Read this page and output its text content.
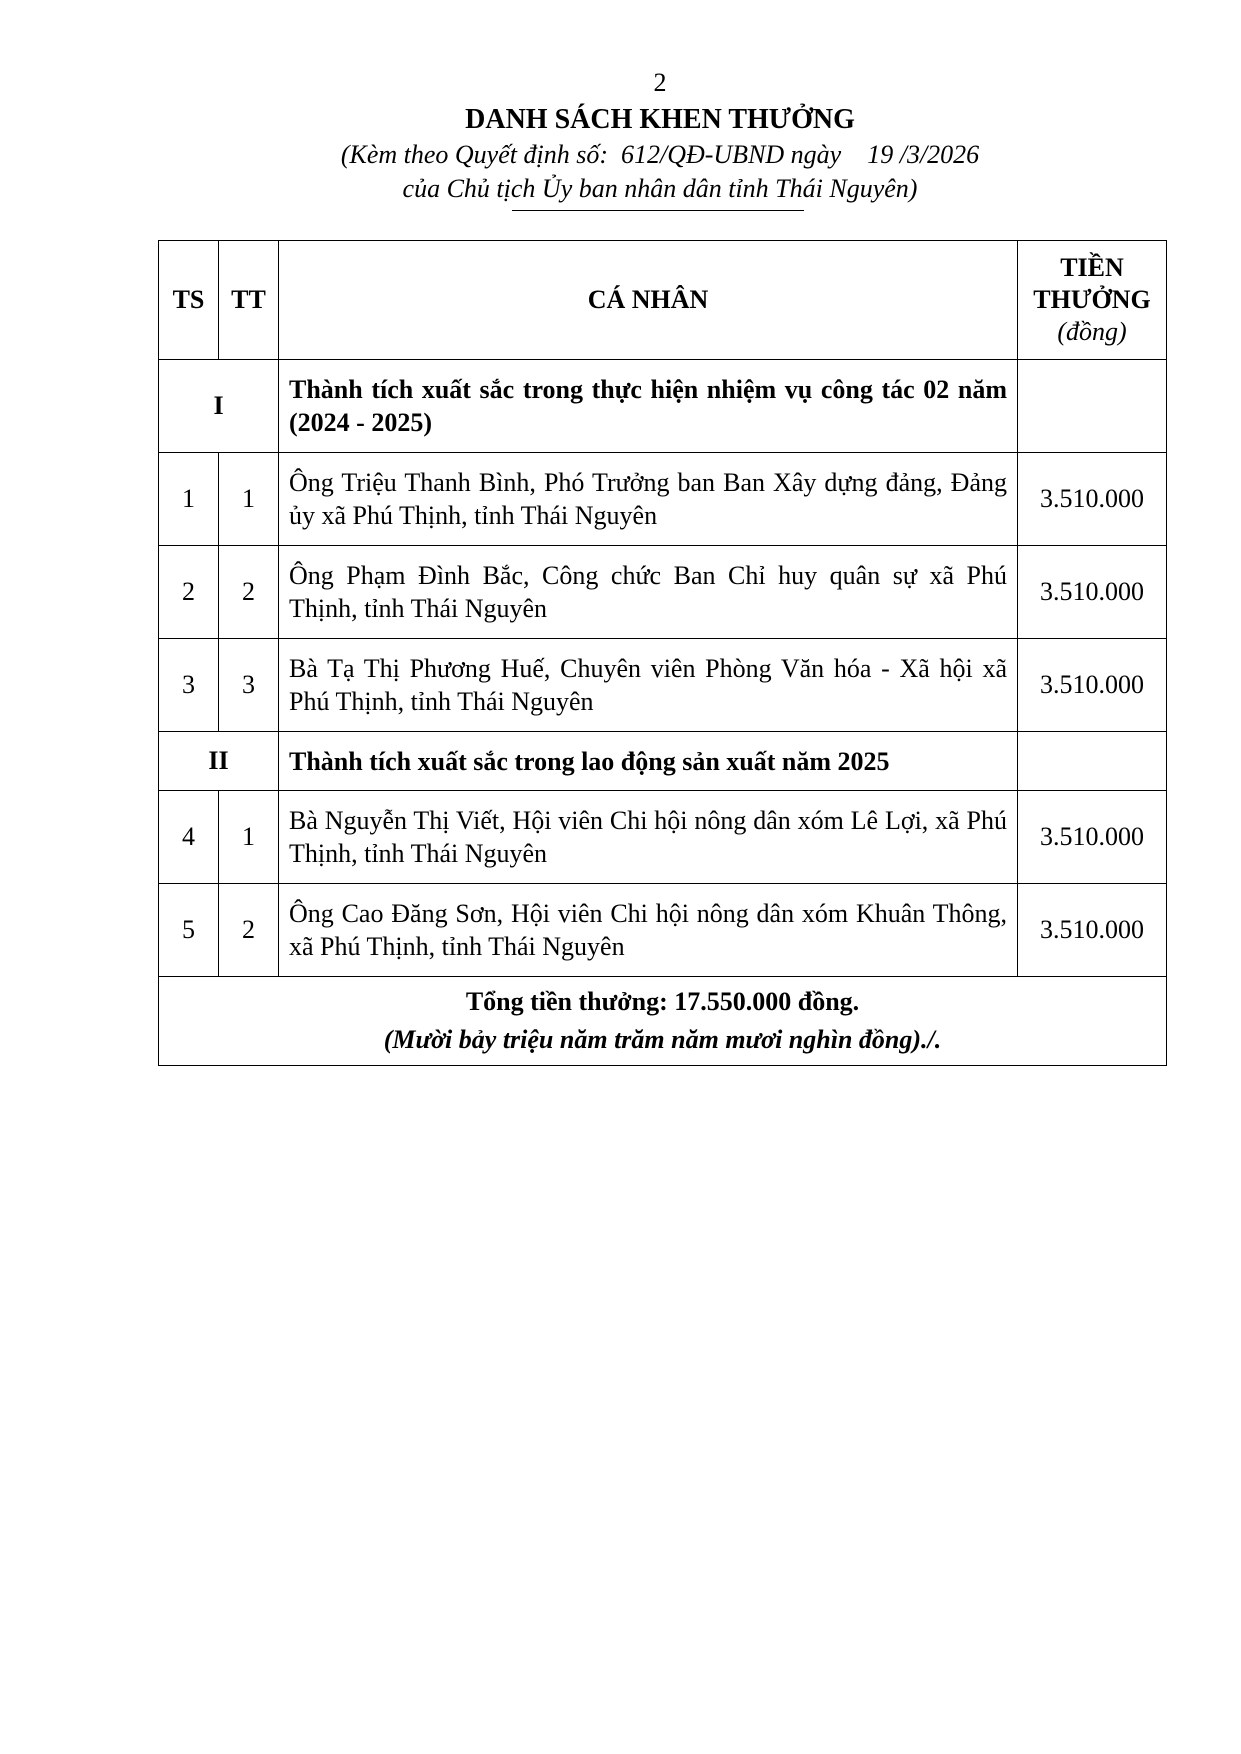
2
DANH SÁCH KHEN THƯỞNG
(Kèm theo Quyết định số:  612/QĐ-UBND ngày    19 /3/2026
của Chủ tịch Ủy ban nhân dân tỉnh Thái Nguyên)
TS	TT	CÁ NHÂN	TIỀN THƯỞNG
(đồng)

I		Thành tích xuất sắc trong thực hiện nhiệm vụ công tác 02 năm (2024 - 2025)	
1	1	Ông Triệu Thanh Bình, Phó Trưởng ban Ban Xây dựng đảng, Đảng ủy xã Phú Thịnh, tỉnh Thái Nguyên	3.510.000
2	2	Ông Phạm Đình Bắc, Công chức Ban Chỉ huy quân sự xã Phú Thịnh, tỉnh Thái Nguyên	3.510.000
3	3	Bà Tạ Thị Phương Huế, Chuyên viên Phòng Văn hóa - Xã hội xã Phú Thịnh, tỉnh Thái Nguyên	3.510.000
II		Thành tích xuất sắc trong lao động sản xuất năm 2025	
4	1	Bà Nguyễn Thị Viết, Hội viên Chi hội nông dân xóm Lê Lợi, xã Phú Thịnh, tỉnh Thái Nguyên	3.510.000
5	2	Ông Cao Đăng Sơn, Hội viên Chi hội nông dân xóm Khuân Thông, xã Phú Thịnh, tỉnh Thái Nguyên	3.510.000

Tổng tiền thưởng: 17.550.000 đồng.
(Mười bảy triệu năm trăm năm mươi nghìn đồng)./.			
